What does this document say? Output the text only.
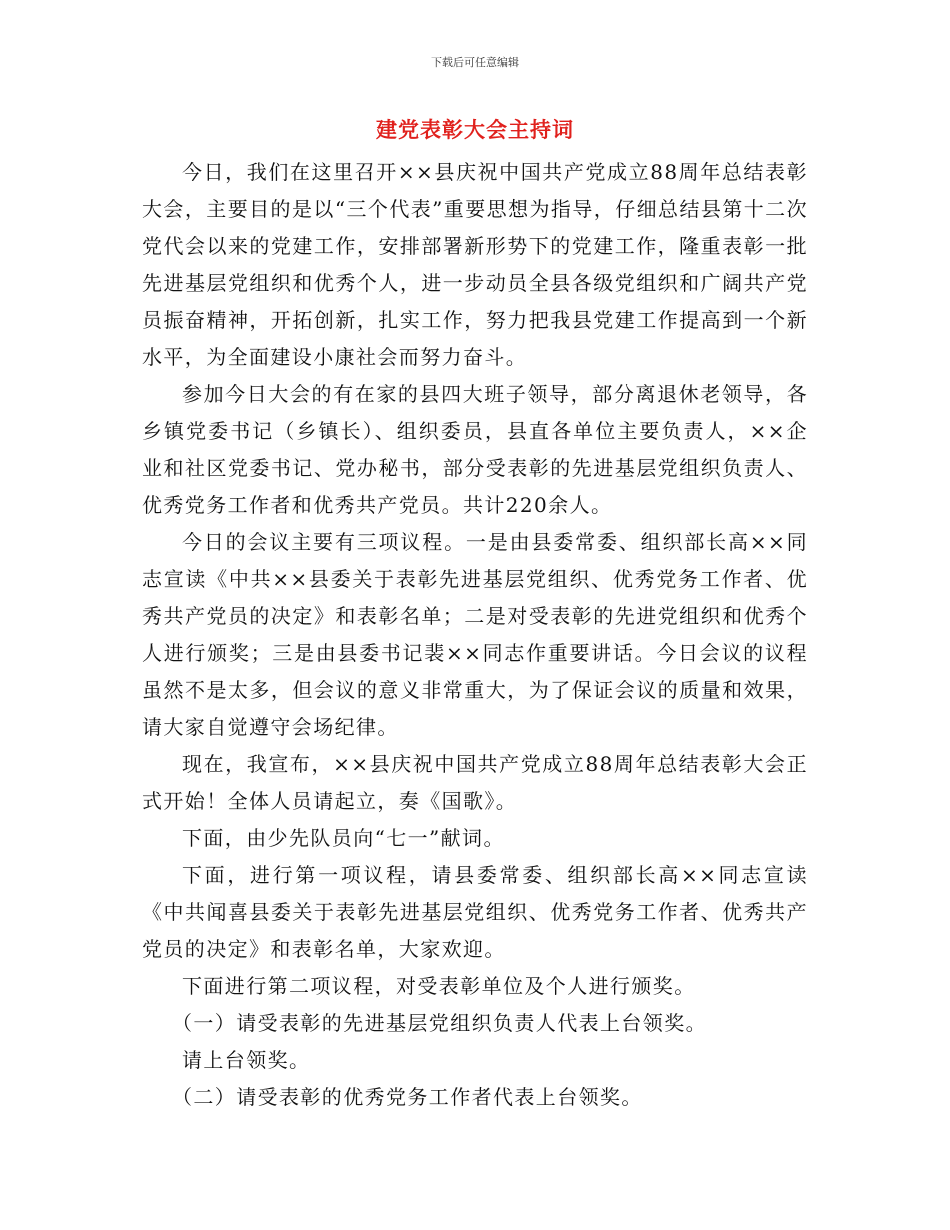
下载后可任意编辑
建党表彰大会主持词

今日，我们在这里召开××县庆祝中国共产党成立88周年总结表彰大会，主要目的是以“三个代表”重要思想为指导，仔细总结县第十二次党代会以来的党建工作，安排部署新形势下的党建工作，隆重表彰一批先进基层党组织和优秀个人，进一步动员全县各级党组织和广阔共产党员振奋精神，开拓创新，扎实工作，努力把我县党建工作提高到一个新水平，为全面建设小康社会而努力奋斗。

参加今日大会的有在家的县四大班子领导，部分离退休老领导，各乡镇党委书记（乡镇长）、组织委员，县直各单位主要负责人，××企业和社区党委书记、党办秘书，部分受表彰的先进基层党组织负责人、优秀党务工作者和优秀共产党员。共计220余人。

今日的会议主要有三项议程。一是由县委常委、组织部长高××同志宣读《中共××县委关于表彰先进基层党组织、优秀党务工作者、优秀共产党员的决定》和表彰名单；二是对受表彰的先进党组织和优秀个人进行颁奖；三是由县委书记裴××同志作重要讲话。今日会议的议程虽然不是太多，但会议的意义非常重大，为了保证会议的质量和效果，请大家自觉遵守会场纪律。

现在，我宣布，××县庆祝中国共产党成立88周年总结表彰大会正式开始！全体人员请起立，奏《国歌》。

下面，由少先队员向“七一”献词。

下面，进行第一项议程，请县委常委、组织部长高××同志宣读《中共闻喜县委关于表彰先进基层党组织、优秀党务工作者、优秀共产党员的决定》和表彰名单，大家欢迎。

下面进行第二项议程，对受表彰单位及个人进行颁奖。

（一）请受表彰的先进基层党组织负责人代表上台领奖。

请上台领奖。

（二）请受表彰的优秀党务工作者代表上台领奖。
